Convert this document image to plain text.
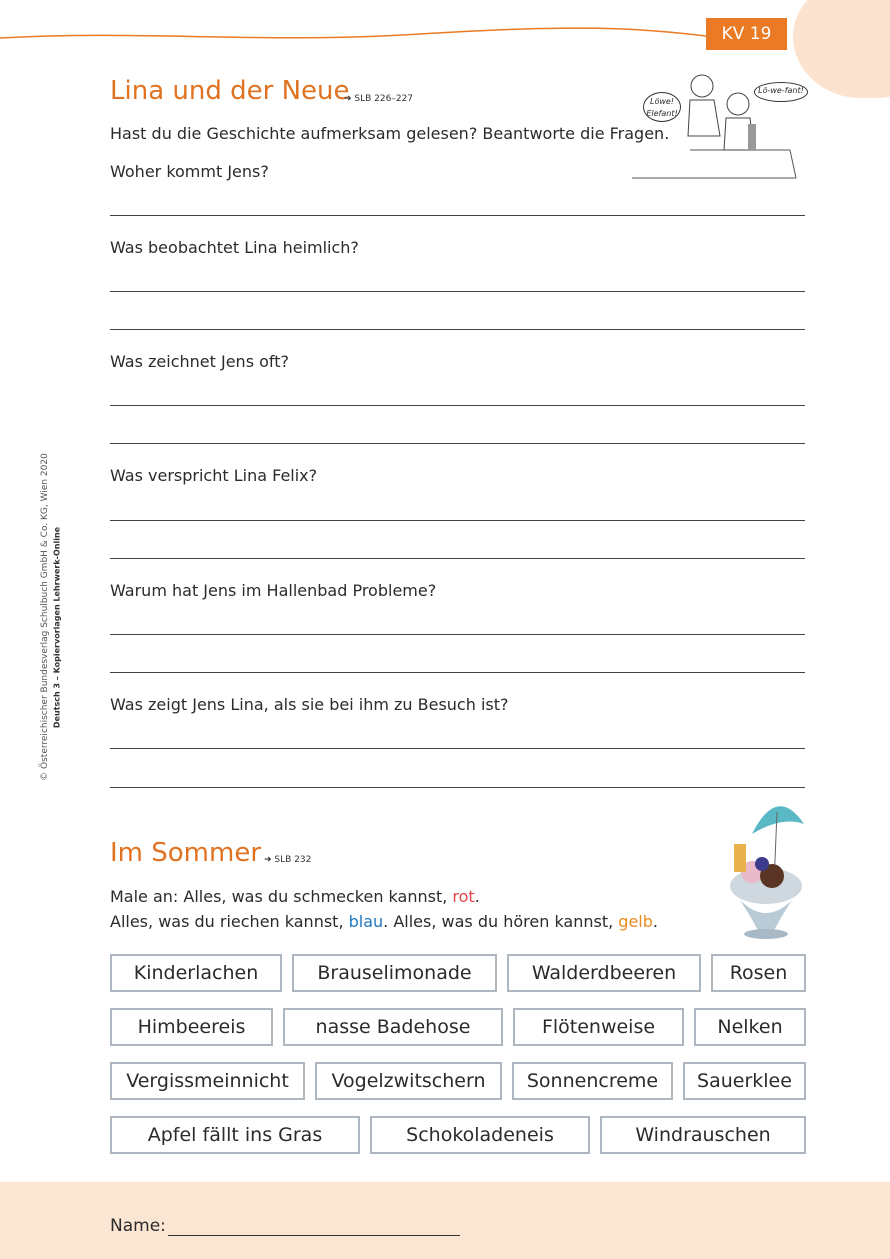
KV 19
© Österreichischer Bundesverlag Schulbuch GmbH & Co. KG, Wien 2020 Deutsch 3 – Kopiervorlagen Lehrwerk-Online
Lina und der Neue
➜ SLB 226–227
Hast du die Geschichte aufmerksam gelesen? Beantworte die Fragen.
Löwe! Elefant!
Lö-we-fant!
Woher kommt Jens?
Was beobachtet Lina heimlich?
Was zeichnet Jens oft?
Was verspricht Lina Felix?
Warum hat Jens im Hallenbad Probleme?
Was zeigt Jens Lina, als sie bei ihm zu Besuch ist?
Im Sommer ➜ SLB 232
Male an: Alles, was du schmecken kannst, rot.
Alles, was du riechen kannst, blau. Alles, was du hören kannst, gelb.
Kinderlachen	Brauselimonade	Walderdbeeren	Rosen
Himbeereis	nasse Badehose	Flötenweise	Nelken
Vergissmeinnicht	Vogelzwitschern	Sonnencreme	Sauerklee
Apfel fällt ins Gras	Schokoladeneis	Windrauschen
Name:
